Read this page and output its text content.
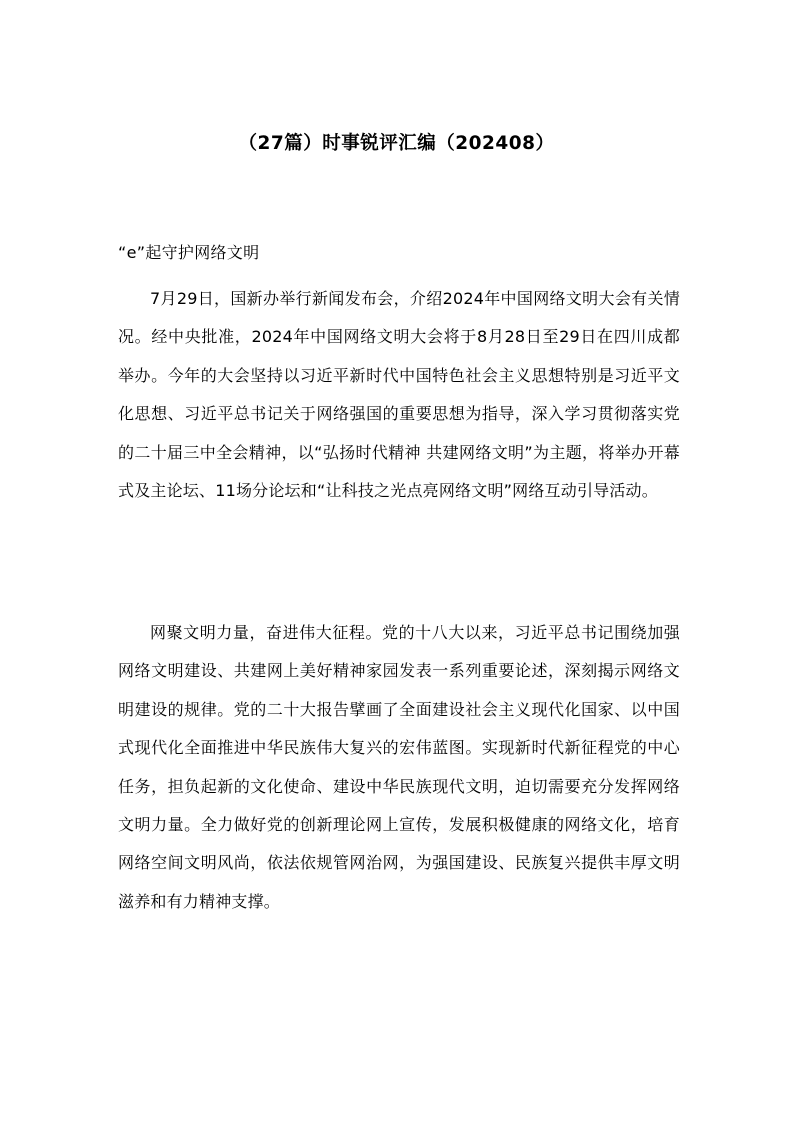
（27篇）时事锐评汇编（202408）

“e”起守护网络文明

7月29日，国新办举行新闻发布会，介绍2024年中国网络文明大会有关情况。经中央批准，2024年中国网络文明大会将于8月28日至29日在四川成都举办。今年的大会坚持以习近平新时代中国特色社会主义思想特别是习近平文化思想、习近平总书记关于网络强国的重要思想为指导，深入学习贯彻落实党的二十届三中全会精神，以“弘扬时代精神 共建网络文明”为主题，将举办开幕式及主论坛、11场分论坛和“让科技之光点亮网络文明”网络互动引导活动。

网聚文明力量，奋进伟大征程。党的十八大以来，习近平总书记围绕加强网络文明建设、共建网上美好精神家园发表一系列重要论述，深刻揭示网络文明建设的规律。党的二十大报告擘画了全面建设社会主义现代化国家、以中国式现代化全面推进中华民族伟大复兴的宏伟蓝图。实现新时代新征程党的中心任务，担负起新的文化使命、建设中华民族现代文明，迫切需要充分发挥网络文明力量。全力做好党的创新理论网上宣传，发展积极健康的网络文化，培育网络空间文明风尚，依法依规管网治网，为强国建设、民族复兴提供丰厚文明滋养和有力精神支撑。
